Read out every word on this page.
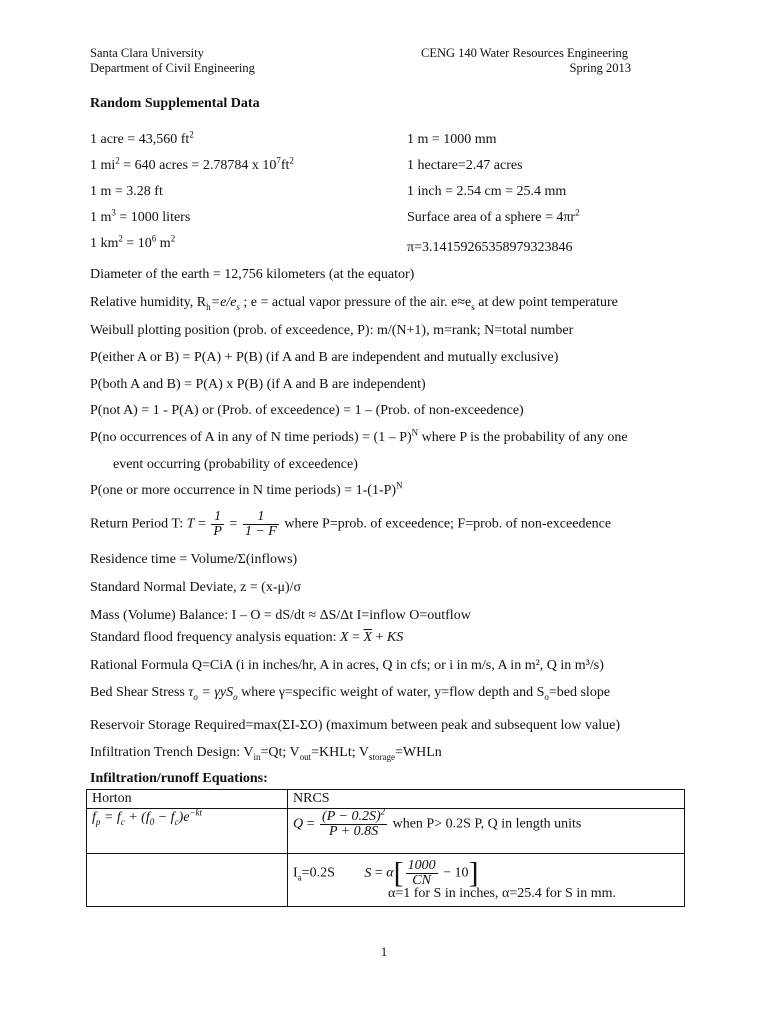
Santa Clara University
Department of Civil Engineering
CENG 140 Water Resources Engineering
Spring 2013
Random Supplemental Data
1 acre = 43,560 $ft^2$
1 $mi^2 = 640$ acres = 2.78784 x $10^7ft^2$
1 m = 3.28 ft
1 $m^3 = 1000$ liters
1 $km^2 = 10^6$ $m^2$
1 m = 1000 mm
1 hectare=2.47 acres
1 inch = 2.54 cm = 25.4 mm
Surface area of a sphere = $4\pi r^2$
π=3.14159265358979323846
Diameter of the earth = 12,756 kilometers (at the equator)
Relative humidity, $R_h=e/e_s$ ; e = actual vapor pressure of the air. $e\approx e_s$ at dew point temperature
Weibull plotting position (prob. of exceedence, P): m/(N+1), m=rank; N=total number
P(either A or B) = P(A) + P(B) (if A and B are independent and mutually exclusive)
P(both A and B) = P(A) x P(B) (if A and B are independent)
P(not A) = 1 - P(A) or (Prob. of exceedence) = 1 – (Prob. of non-exceedence)
P(no occurrences of A in any of N time periods) = (1 – P)$^N$ where P is the probability of any one
event occurring (probability of exceedence)
P(one or more occurrence in N time periods) = $1-(1-P)^N$
Return Period T: $T = \frac{1}{P} = \frac{1}{1 - F}$ where P=prob. of exceedence; F=prob. of non-exceedence
Residence time = Volume/Σ(inflows)
Standard Normal Deviate, z = (x-μ)/σ
Mass (Volume) Balance: I – O = dS/dt ≈ ΔS/Δt I=inflow O=outflow
Standard flood frequency analysis equation: $X = \overline{X}$ + KS
Rational Formula Q=CiA (i in inches/hr, A in acres, Q in cfs; or i in m/s, A in m², Q in m³/s)
Bed Shear Stress $\tau_o = \gamma yS_o$ where γ=specific weight of water, y=flow depth and $S_o=bed$ slope
Reservoir Storage Required=max(ΣI-ΣO) (maximum between peak and subsequent low value)
Infiltration Trench Design: $V_{in}=Qt$; $V_{out}=KHLt$; $V_{storage}=WHLn$
Infiltration/runoff Equations:
Horton	NRCS
$f_p = f_c + (f_0 - f_c)e^{-kt}$	$Q = \frac{(P - 0.2S)^2}{P + 0.8S}$ when P> 0.2S P, Q in length units

	$I_a=0.2S$ $S = \alpha[ \frac{1000}{CN} - 10]$
α=1 for S in inches, α=25.4 for S in mm.
1
